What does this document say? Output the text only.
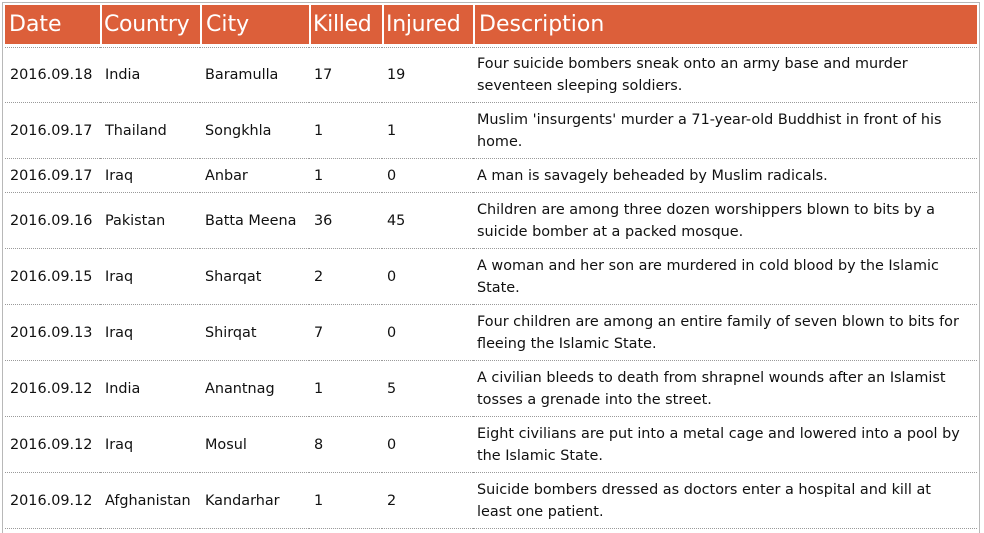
Date	Country	City	Killed	Injured	Description
2016.09.18	India	Baramulla	17	19	Four suicide bombers sneak onto an army base and murder seventeen sleeping soldiers.
2016.09.17	Thailand	Songkhla	1	1	Muslim 'insurgents' murder a 71-year-old Buddhist in front of his home.
2016.09.17	Iraq	Anbar	1	0	A man is savagely beheaded by Muslim radicals.
2016.09.16	Pakistan	Batta Meena	36	45	Children are among three dozen worshippers blown to bits by a suicide bomber at a packed mosque.
2016.09.15	Iraq	Sharqat	2	0	A woman and her son are murdered in cold blood by the Islamic State.
2016.09.13	Iraq	Shirqat	7	0	Four children are among an entire family of seven blown to bits for fleeing the Islamic State.
2016.09.12	India	Anantnag	1	5	A civilian bleeds to death from shrapnel wounds after an Islamist tosses a grenade into the street.
2016.09.12	Iraq	Mosul	8	0	Eight civilians are put into a metal cage and lowered into a pool by the Islamic State.
2016.09.12	Afghanistan	Kandarhar	1	2	Suicide bombers dressed as doctors enter a hospital and kill at least one patient.
